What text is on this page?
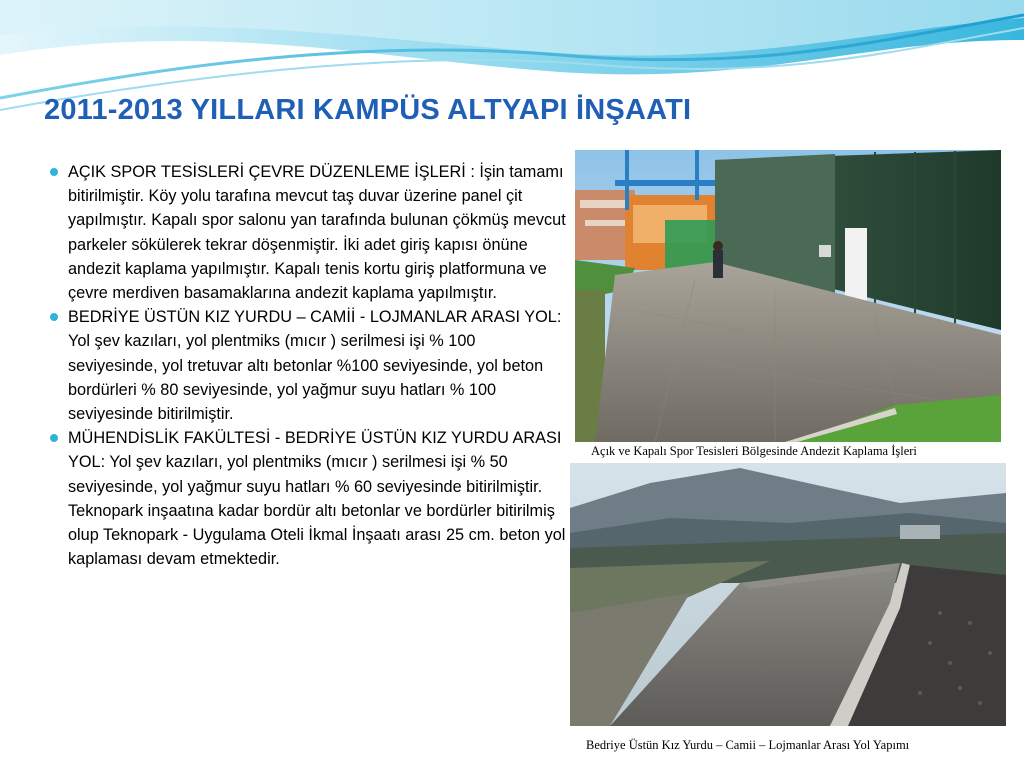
2011-2013 YILLARI KAMPÜS ALTYAPI İNŞAATI
AÇIK SPOR TESİSLERİ ÇEVRE DÜZENLEME İŞLERİ : İşin tamamı bitirilmiştir. Köy yolu tarafına mevcut taş duvar üzerine panel çit yapılmıştır. Kapalı spor salonu yan tarafında bulunan çökmüş mevcut parkeler sökülerek tekrar döşenmiştir. İki adet giriş kapısı önüne andezit kaplama yapılmıştır. Kapalı tenis kortu giriş platformuna ve çevre merdiven basamaklarına andezit kaplama yapılmıştır.
BEDRİYE ÜSTÜN KIZ YURDU – CAMİİ - LOJMANLAR ARASI YOL: Yol şev kazıları, yol plentmiks (mıcır ) serilmesi işi % 100 seviyesinde, yol tretuvar altı betonlar %100 seviyesinde, yol beton bordürleri % 80 seviyesinde, yol yağmur suyu hatları % 100 seviyesinde bitirilmiştir.
MÜHENDİSLİK FAKÜLTESİ - BEDRİYE ÜSTÜN KIZ YURDU ARASI YOL: Yol şev kazıları, yol plentmiks (mıcır ) serilmesi işi % 50 seviyesinde, yol yağmur suyu hatları % 60 seviyesinde bitirilmiştir. Teknopark inşaatına kadar bordür altı betonlar ve bordürler bitirilmiş olup Teknopark - Uygulama Oteli İkmal İnşaatı arası 25 cm. beton yol kaplaması devam etmektedir.
Açık ve Kapalı Spor Tesisleri Bölgesinde Andezit Kaplama İşleri
Bedriye Üstün Kız Yurdu – Camii – Lojmanlar Arası Yol Yapımı
